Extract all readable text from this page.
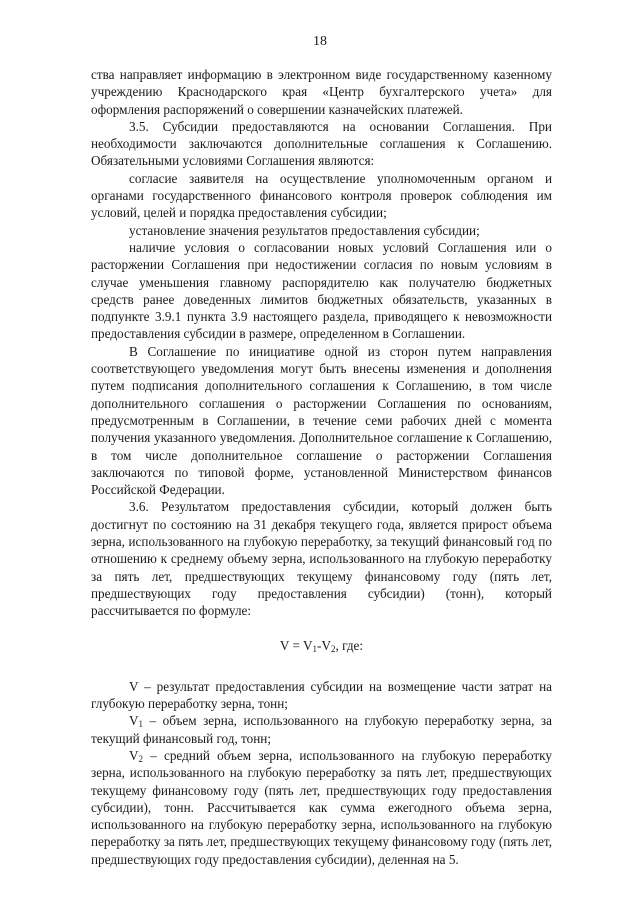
18

ства направляет информацию в электронном виде государственному казенному учреждению Краснодарского края «Центр бухгалтерского учета» для оформления распоряжений о совершении казначейских платежей.

3.5. Субсидии предоставляются на основании Соглашения. При необходимости заключаются дополнительные соглашения к Соглашению. Обязательными условиями Соглашения являются:

согласие заявителя на осуществление уполномоченным органом и органами государственного финансового контроля проверок соблюдения им условий, целей и порядка предоставления субсидии;

установление значения результатов предоставления субсидии;

наличие условия о согласовании новых условий Соглашения или о расторжении Соглашения при недостижении согласия по новым условиям в случае уменьшения главному распорядителю как получателю бюджетных средств ранее доведенных лимитов бюджетных обязательств, указанных в подпункте 3.9.1 пункта 3.9 настоящего раздела, приводящего к невозможности предоставления субсидии в размере, определенном в Соглашении.

В Соглашение по инициативе одной из сторон путем направления соответствующего уведомления могут быть внесены изменения и дополнения путем подписания дополнительного соглашения к Соглашению, в том числе дополнительного соглашения о расторжении Соглашения по основаниям, предусмотренным в Соглашении, в течение семи рабочих дней с момента получения указанного уведомления. Дополнительное соглашение к Соглашению, в том числе дополнительное соглашение о расторжении Соглашения заключаются по типовой форме, установленной Министерством финансов Российской Федерации.

3.6. Результатом предоставления субсидии, который должен быть достигнут по состоянию на 31 декабря текущего года, является прирост объема зерна, использованного на глубокую переработку, за текущий финансовый год по отношению к среднему объему зерна, использованного на глубокую переработку за пять лет, предшествующих текущему финансовому году (пять лет, предшествующих году предоставления субсидии) (тонн), который рассчитывается по формуле:

$V = V_1-V_2$, где:

V – результат предоставления субсидии на возмещение части затрат на глубокую переработку зерна, тонн;

$V_1$ – объем зерна, использованного на глубокую переработку зерна, за текущий финансовый год, тонн;

$V_2$ – средний объем зерна, использованного на глубокую переработку зерна, использованного на глубокую переработку за пять лет, предшествующих текущему финансовому году (пять лет, предшествующих году предоставления субсидии), тонн. Рассчитывается как сумма ежегодного объема зерна, использованного на глубокую переработку зерна, использованного на глубокую переработку за пять лет, предшествующих текущему финансовому году (пять лет, предшествующих году предоставления субсидии), деленная на 5.
